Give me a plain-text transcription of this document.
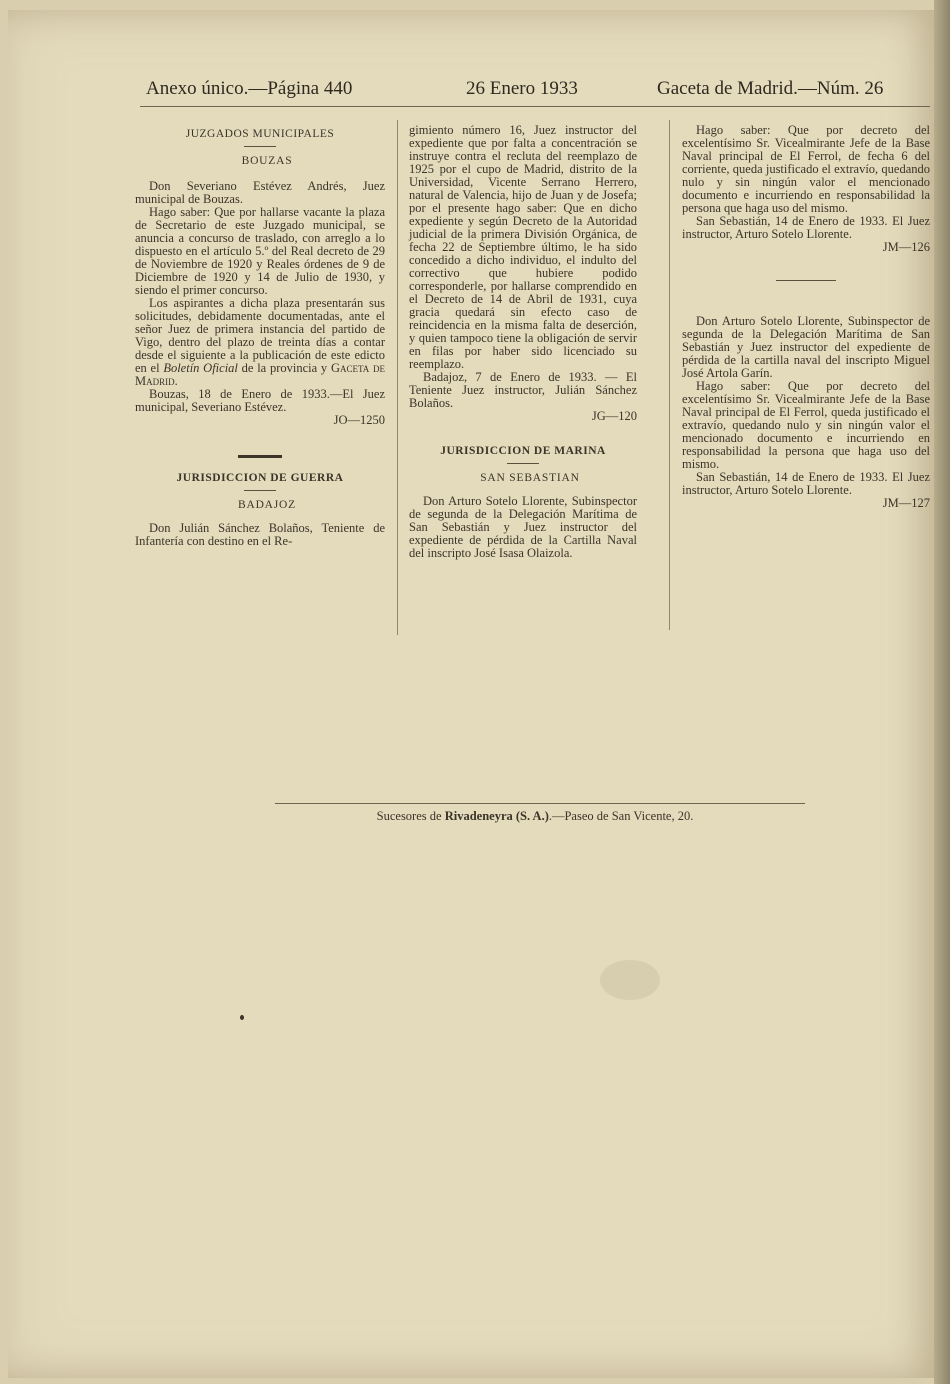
Anexo único.—Página 440	26 Enero 1933	Gaceta de Madrid.—Núm. 26

JUZGADOS MUNICIPALES

BOUZAS

Don Severiano Estévez Andrés, Juez municipal de Bouzas.

Hago saber: Que por hallarse vacante la plaza de Secretario de este Juzgado municipal, se anuncia a concurso de traslado, con arreglo a lo dispuesto en el artículo 5.º del Real decreto de 29 de Noviembre de 1920 y Reales órdenes de 9 de Diciembre de 1920 y 14 de Julio de 1930, y siendo el primer concurso.

Los aspirantes a dicha plaza presentarán sus solicitudes, debidamente documentadas, ante el señor Juez de primera instancia del partido de Vigo, dentro del plazo de treinta días a contar desde el siguiente a la publicación de este edicto en el Boletín Oficial de la provincia y Gaceta de Madrid.

Bouzas, 18 de Enero de 1933.—El Juez municipal, Severiano Estévez.

JO—1250

JURISDICCION DE GUERRA

BADAJOZ

Don Julián Sánchez Bolaños, Teniente de Infantería con destino en el Re-

gimiento número 16, Juez instructor del expediente que por falta a concentración se instruye contra el recluta del reemplazo de 1925 por el cupo de Madrid, distrito de la Universidad, Vicente Serrano Herrero, natural de Valencia, hijo de Juan y de Josefa; por el presente hago saber: Que en dicho expediente y según Decreto de la Autoridad judicial de la primera División Orgánica, de fecha 22 de Septiembre último, le ha sido concedido a dicho individuo, el indulto del correctivo que hubiere podido corresponderle, por hallarse comprendido en el Decreto de 14 de Abril de 1931, cuya gracia quedará sin efecto caso de reincidencia en la misma falta de deserción, y quien tampoco tiene la obligación de servir en filas por haber sido licenciado su reemplazo.

Badajoz, 7 de Enero de 1933. — El Teniente Juez instructor, Julián Sánchez Bolaños.

JG—120

JURISDICCION DE MARINA

SAN SEBASTIAN

Don Arturo Sotelo Llorente, Subinspector de segunda de la Delegación Marítima de San Sebastián y Juez instructor del expediente de pérdida de la Cartilla Naval del inscripto José Isasa Olaizola.

Hago saber: Que por decreto del excelentísimo Sr. Vicealmirante Jefe de la Base Naval principal de El Ferrol, de fecha 6 del corriente, queda justificado el extravío, quedando nulo y sin ningún valor el mencionado documento e incurriendo en responsabilidad la persona que haga uso del mismo.

San Sebastián, 14 de Enero de 1933. El Juez instructor, Arturo Sotelo Llorente.

JM—126

Don Arturo Sotelo Llorente, Subinspector de segunda de la Delegación Marítima de San Sebastián y Juez instructor del expediente de pérdida de la cartilla naval del inscripto Miguel José Artola Garín.

Hago saber: Que por decreto del excelentísimo Sr. Vicealmirante Jefe de la Base Naval principal de El Ferrol, queda justificado el extravío, quedando nulo y sin ningún valor el mencionado documento e incurriendo en responsabilidad la persona que haga uso del mismo.

San Sebastián, 14 de Enero de 1933. El Juez instructor, Arturo Sotelo Llorente.

JM—127

Sucesores de Rivadeneyra (S. A.).—Paseo de San Vicente, 20.
